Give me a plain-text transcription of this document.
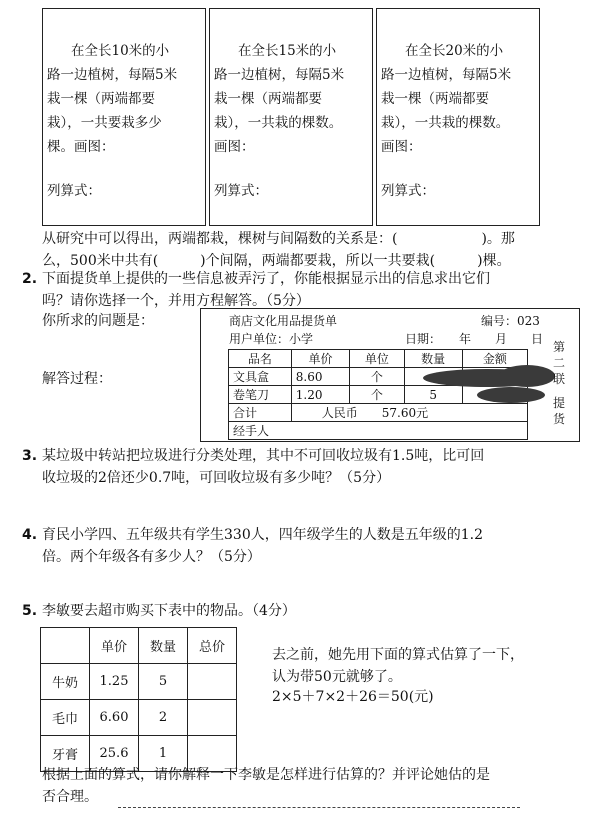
在全长10米的小
路一边植树，每隔5米
栽一棵（两端都要
栽），一共要栽多少
棵。画图：
列算式：
在全长15米的小
路一边植树，每隔5米
栽一棵（两端都要
栽），一共栽的棵数。
画图：
列算式：
在全长20米的小
路一边植树，每隔5米
栽一棵（两端都要
栽），一共栽的棵数。
画图：
列算式：
从研究中可以得出，两端都栽，棵树与间隔数的关系是：(　　　　　　)。那
么，500米中共有(　　　)个间隔，两端都要栽，所以一共要栽(　　　)棵。
2. 下面提货单上提供的一些信息被弄污了，你能根据显示出的信息求出它们
吗？请你选择一个，并用方程解答。（5分）
你所求的问题是：
解答过程：
商店文化用品提货单	编号：023
用户单位：小学	日期：　　年　　月　　日
品名	单价	单位	数量	金额
文具盒	8.60	个		
卷笔刀	1.20	个	5	
合计	人民币　　57.60元			
经手人				
第二联
提货
3. 某垃圾中转站把垃圾进行分类处理，其中不可回收垃圾有1.5吨，比可回
收垃圾的2倍还少0.7吨，可回收垃圾有多少吨？（5分）
4. 育民小学四、五年级共有学生330人，四年级学生的人数是五年级的1.2
倍。两个年级各有多少人？（5分）
5. 李敏要去超市购买下表中的物品。（4分）
	单价	数量	总价
牛奶	1.25	5	
毛巾	6.60	2	
牙膏	25.6	1	
去之前，她先用下面的算式估算了一下，
认为带50元就够了。
2×5＋7×2＋26＝50(元)
根据上面的算式，请你解释一下李敏是怎样进行估算的？并评论她估的是
否合理。
